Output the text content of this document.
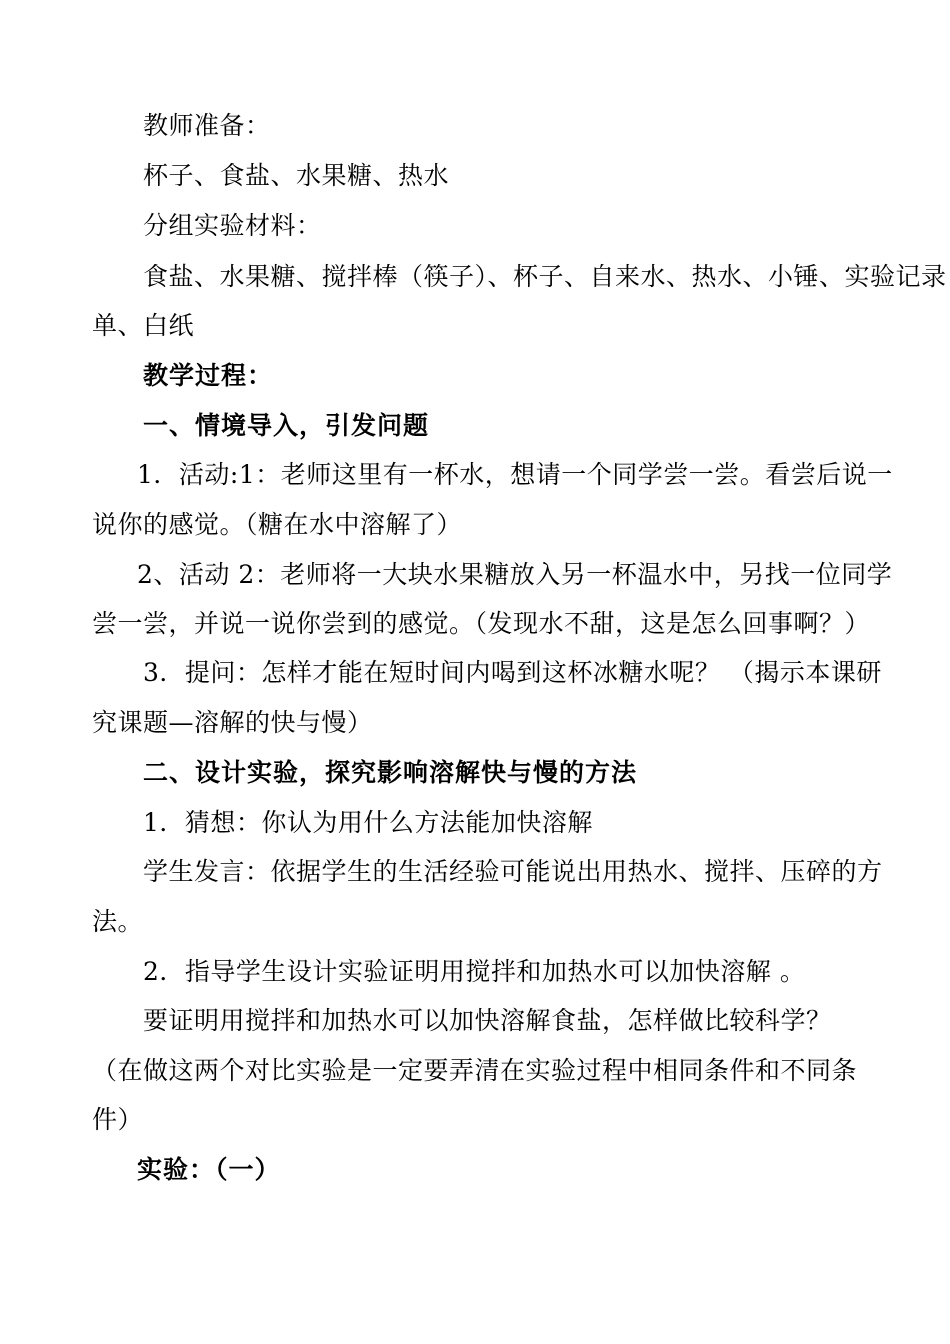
教师准备：
杯子、食盐、水果糖、热水
分组实验材料：
食盐、水果糖、搅拌棒（筷子）、杯子、自来水、热水、小锤、实验记录
单、白纸
教学过程：
一、情境导入，引发问题
1．活动:1：老师这里有一杯水，想请一个同学尝一尝。看尝后说一
说你的感觉。（糖在水中溶解了）
2、活动 2：老师将一大块水果糖放入另一杯温水中，另找一位同学
尝一尝，并说一说你尝到的感觉。（发现水不甜，这是怎么回事啊？）
3．提问：怎样才能在短时间内喝到这杯冰糖水呢？ （揭示本课研
究课题—溶解的快与慢）
二、设计实验，探究影响溶解快与慢的方法
1．猜想：你认为用什么方法能加快溶解
学生发言：依据学生的生活经验可能说出用热水、搅拌、压碎的方
法。
2．指导学生设计实验证明用搅拌和加热水可以加快溶解 。
要证明用搅拌和加热水可以加快溶解食盐，怎样做比较科学？
（在做这两个对比实验是一定要弄清在实验过程中相同条件和不同条
件）
实验：（一）
